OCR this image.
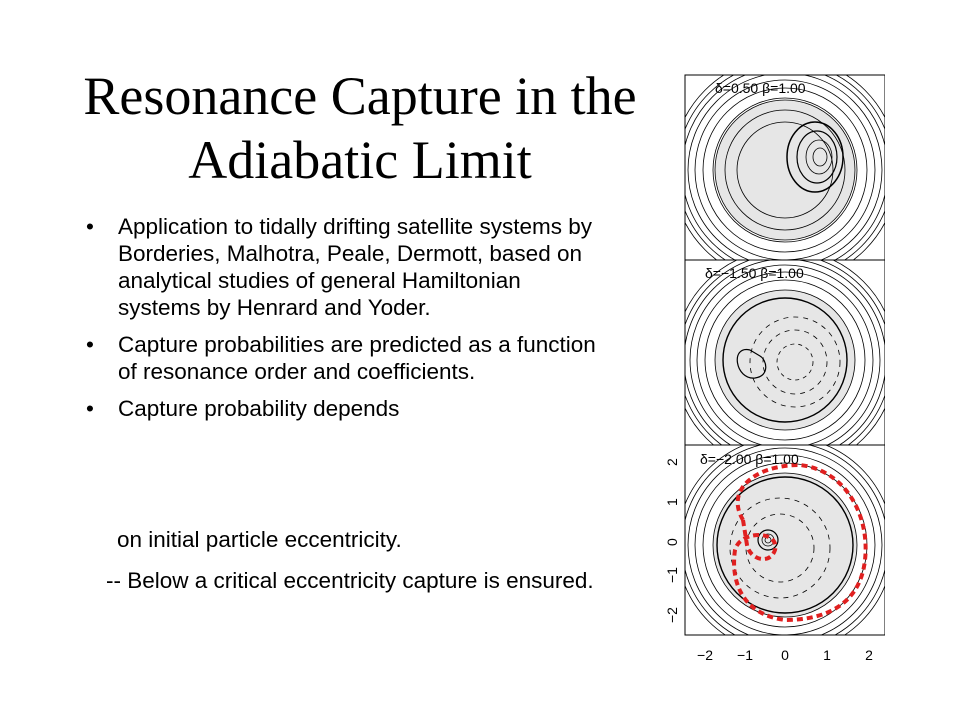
Resonance Capture in the Adiabatic Limit
• Application to tidally drifting satellite systems by Borderies, Malhotra, Peale, Dermott, based on analytical studies of general Hamiltonian systems by Henrard and Yoder.
• Capture probabilities are predicted as a function of resonance order and coefficients.
• Capture probability depends
on initial particle eccentricity.
-- Below a critical eccentricity capture is ensured.
δ=0.50 β=1.00
δ=−1.50 β=1.00
δ=−2.00 β=1.00
−2
−1
0
1
2
−2 −1 0 1 2
